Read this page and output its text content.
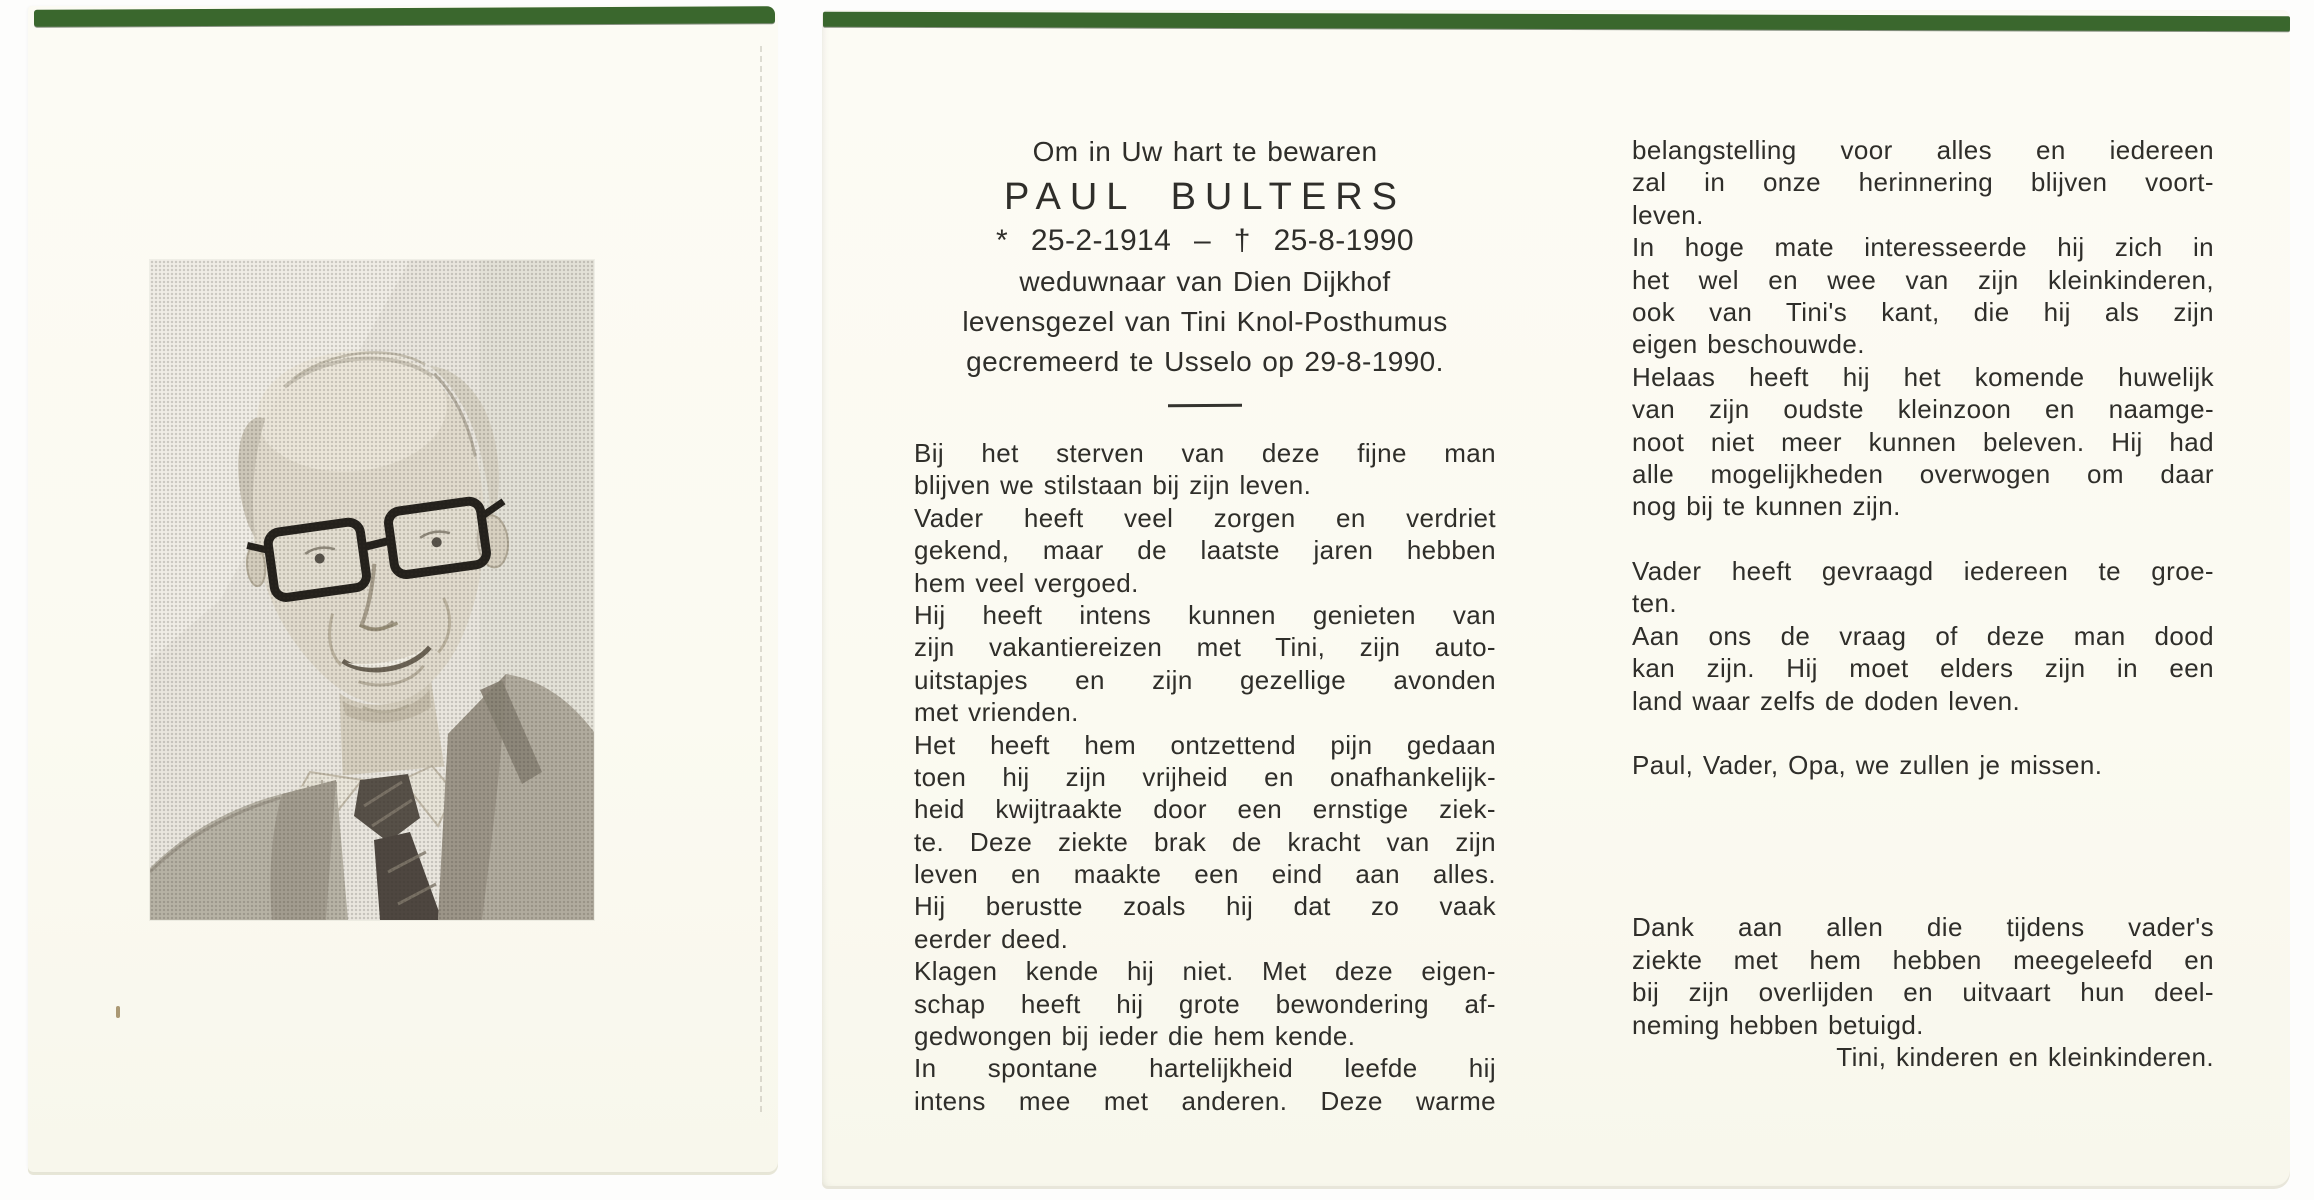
Om in Uw hart te bewaren
PAUL BULTERS
* 25-2-1914 – † 25-8-1990
weduwnaar van Dien Dijkhof
levensgezel van Tini Knol-Posthumus
gecremeerd te Usselo op 29-8-1990.
Bij het sterven van deze fijne man
blijven we stilstaan bij zijn leven.
Vader heeft veel zorgen en verdriet
gekend, maar de laatste jaren hebben
hem veel vergoed.
Hij heeft intens kunnen genieten van
zijn vakantiereizen met Tini, zijn auto-
uitstapjes en zijn gezellige avonden
met vrienden.
Het heeft hem ontzettend pijn gedaan
toen hij zijn vrijheid en onafhankelijk-
heid kwijtraakte door een ernstige ziek-
te. Deze ziekte brak de kracht van zijn
leven en maakte een eind aan alles.
Hij berustte zoals hij dat zo vaak
eerder deed.
Klagen kende hij niet. Met deze eigen-
schap heeft hij grote bewondering af-
gedwongen bij ieder die hem kende.
In spontane hartelijkheid leefde hij
intens mee met anderen. Deze warme
belangstelling voor alles en iedereen
zal in onze herinnering blijven voort-
leven.
In hoge mate interesseerde hij zich in
het wel en wee van zijn kleinkinderen,
ook van Tini's kant, die hij als zijn
eigen beschouwde.
Helaas heeft hij het komende huwelijk
van zijn oudste kleinzoon en naamge-
noot niet meer kunnen beleven. Hij had
alle mogelijkheden overwogen om daar
nog bij te kunnen zijn.
Vader heeft gevraagd iedereen te groe-
ten.
Aan ons de vraag of deze man dood
kan zijn. Hij moet elders zijn in een
land waar zelfs de doden leven.
Paul, Vader, Opa, we zullen je missen.
Dank aan allen die tijdens vader's
ziekte met hem hebben meegeleefd en
bij zijn overlijden en uitvaart hun deel-
neming hebben betuigd.
Tini, kinderen en kleinkinderen.
